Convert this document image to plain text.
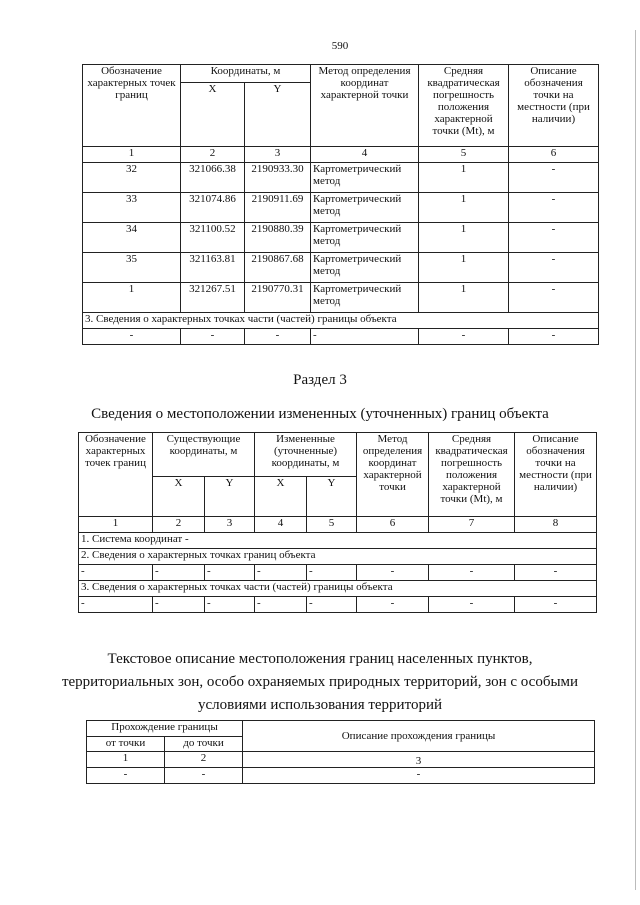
590
Обозначение характерных точек границ	Координаты, м		Метод определения координат характерной точки	Средняя квадратическая погрешность положения характерной точки (Mt), м	Описание обозначения точки на местности (при наличии)
	X	Y			
1	2	3	4	5	6
32	321066.38	2190933.30	Картометрический метод	1	-
33	321074.86	2190911.69	Картометрический метод	1	-
34	321100.52	2190880.39	Картометрический метод	1	-
35	321163.81	2190867.68	Картометрический метод	1	-
1	321267.51	2190770.31	Картометрический метод	1	-
3. Сведения о характерных точках части (частей) границы объекта					
-	-	-	-	-	-
Раздел 3
Сведения о местоположении измененных (уточненных) границ объекта
Обозначение характерных точек границ	Существующие координаты, м		Измененные (уточненные) координаты, м		Метод определения координат характерной точки	Средняя квадратическая погрешность положения характерной точки (Mt), м	Описание обозначения точки на местности (при наличии)
	X	Y	X	Y			
1	2	3	4	5	6	7	8
1. Система координат -							
2. Сведения о характерных точках границ объекта							
-	-	-	-	-	-	-	-
3. Сведения о характерных точках части (частей) границы объекта							
-	-	-	-	-	-	-	-
Текстовое описание местоположения границ населенных пунктов, территориальных зон, особо охраняемых природных территорий, зон с особыми условиями использования территорий
Прохождение границы		Описание прохождения границы
от точки	до точки	
1	2	3
-	-	-
